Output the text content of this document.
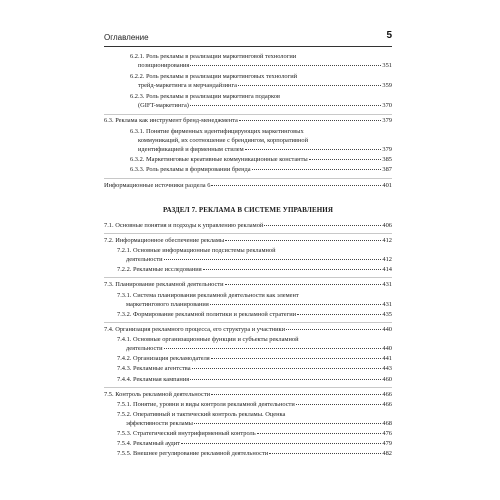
Оглавление	5
6.2.1. Роль рекламы в реализации маркетинговой технологии
позиционирования	351
6.2.2. Роль рекламы в реализации маркетинговых технологий
трейд-маркетинга и мерчандайзинга	359
6.2.3. Роль рекламы в реализации маркетинга подарков
(GIFT-маркетинга)	370
6.3. Реклама как инструмент бренд-менеджмента	379
6.3.1. Понятие фирменных идентифицирующих маркетинговых
коммуникаций, их соотношение с брендингом, корпоративной
идентификацией и фирменным стилем	379
6.3.2. Маркетинговые креативные коммуникационные константы	385
6.3.3. Роль рекламы в формировании бренда	387
Информационные источники раздела 6	401
РАЗДЕЛ 7. РЕКЛАМА В СИСТЕМЕ УПРАВЛЕНИЯ
7.1. Основные понятия и подходы к управлению рекламой	406
7.2. Информационное обеспечение рекламы	412
7.2.1. Основные информационные подсистемы рекламной
деятельности	412
7.2.2. Рекламные исследования	414
7.3. Планирование рекламной деятельности	431
7.3.1. Система планирования рекламной деятельности как элемент
маркетингового планирования	431
7.3.2. Формирование рекламной политики и рекламной стратегии	435
7.4. Организация рекламного процесса, его структура и участники	440
7.4.1. Основные организационные функции и субъекты рекламной
деятельности	440
7.4.2. Организация рекламодателя	441
7.4.3. Рекламные агентства	443
7.4.4. Рекламная кампания	460
7.5. Контроль рекламной деятельности	466
7.5.1. Понятие, уровни и виды контроля рекламной деятельности	466
7.5.2. Оперативный и тактический контроль рекламы. Оценка
эффективности рекламы	468
7.5.3. Стратегический внутрифирменный контроль	476
7.5.4. Рекламный аудит	479
7.5.5. Внешнее регулирование рекламной деятельности	482
